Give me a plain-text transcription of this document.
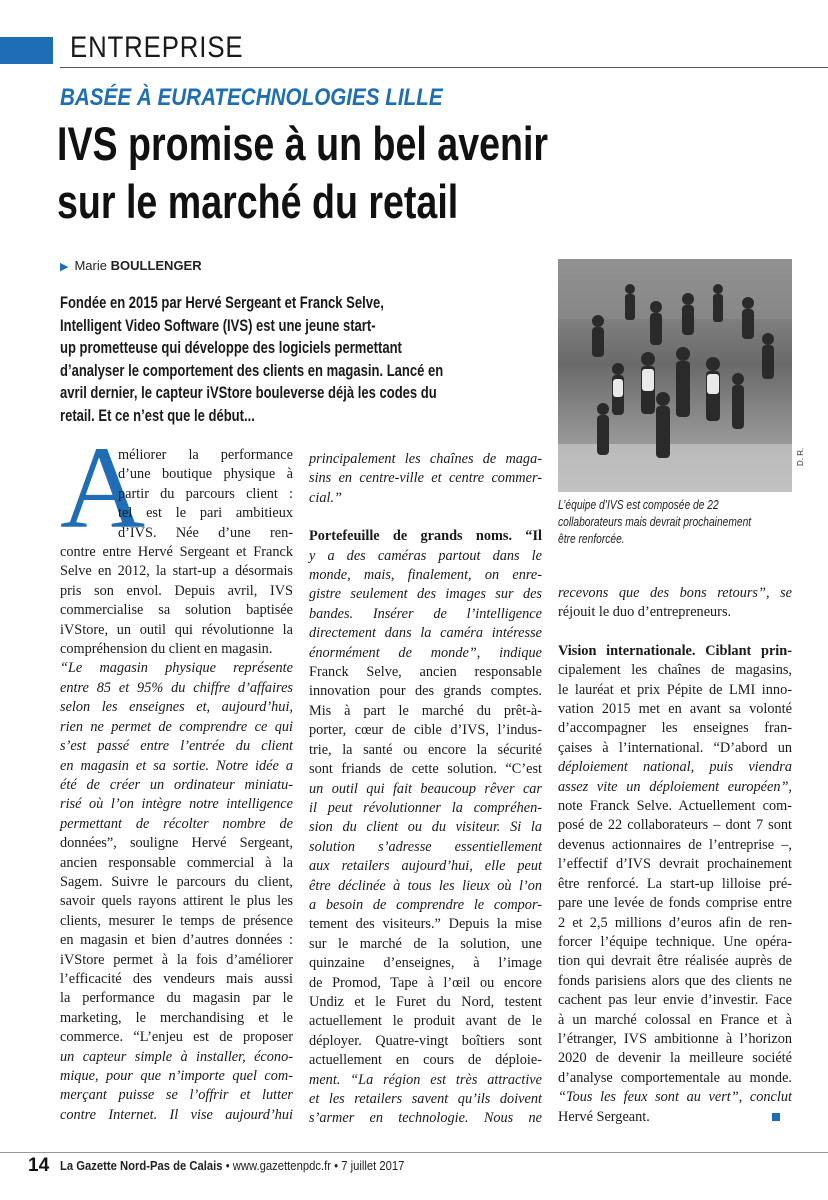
ENTREPRISE
BASÉE À EURATECHNOLOGIES LILLE
IVS promise à un bel avenir
sur le marché du retail
▶ Marie BOULLENGER
Fondée en 2015 par Hervé Sergeant et Franck Selve,
Intelligent Video Software (IVS) est une jeune start-
up prometteuse qui développe des logiciels permettant
d’analyser le comportement des clients en magasin. Lancé en
avril dernier, le capteur iVStore bouleverse déjà les codes du
retail. Et ce n’est que le début...
D. R.
L’équipe d’IVS est composée de 22
collaborateurs mais devrait prochainement
être renforcée.
A
méliorer la performance
d’une boutique physique à
partir du parcours client :
tel est le pari ambitieux
d’IVS. Née d’une ren-
contre entre Hervé Sergeant et Franck
Selve en 2012, la start-up a désormais
pris son envol. Depuis avril, IVS
commercialise sa solution baptisée
iVStore, un outil qui révolutionne la
compréhension du client en magasin.
“Le magasin physique représente
entre 85 et 95% du chiffre d’affaires
selon les enseignes et, aujourd’hui,
rien ne permet de comprendre ce qui
s’est passé entre l’entrée du client
en magasin et sa sortie. Notre idée a
été de créer un ordinateur miniatu-
risé où l’on intègre notre intelligence
permettant de récolter nombre de
données”, souligne Hervé Sergeant,
ancien responsable commercial à la
Sagem. Suivre le parcours du client,
savoir quels rayons attirent le plus les
clients, mesurer le temps de présence
en magasin et bien d’autres données :
iVStore permet à la fois d’améliorer
l’efficacité des vendeurs mais aussi
la performance du magasin par le
marketing, le merchandising et le
commerce. “L’enjeu est de proposer
un capteur simple à installer, écono-
mique, pour que n’importe quel com-
merçant puisse se l’offrir et lutter
contre Internet. Il vise aujourd’hui
principalement les chaînes de maga-
sins en centre-ville et centre commer-
cial.”
Portefeuille de grands noms. “Il
y a des caméras partout dans le
monde, mais, finalement, on enre-
gistre seulement des images sur des
bandes. Insérer de l’intelligence
directement dans la caméra intéresse
énormément de monde”, indique
Franck Selve, ancien responsable
innovation pour des grands comptes.
Mis à part le marché du prêt-à-
porter, cœur de cible d’IVS, l’indus-
trie, la santé ou encore la sécurité
sont friands de cette solution. “C’est
un outil qui fait beaucoup rêver car
il peut révolutionner la compréhen-
sion du client ou du visiteur. Si la
solution s’adresse essentiellement
aux retailers aujourd’hui, elle peut
être déclinée à tous les lieux où l’on
a besoin de comprendre le compor-
tement des visiteurs.” Depuis la mise
sur le marché de la solution, une
quinzaine d’enseignes, à l’image
de Promod, Tape à l’œil ou encore
Undiz et le Furet du Nord, testent
actuellement le produit avant de le
déployer. Quatre-vingt boîtiers sont
actuellement en cours de déploie-
ment. “La région est très attractive
et les retailers savent qu’ils doivent
s’armer en technologie. Nous ne
recevons que des bons retours”, se
réjouit le duo d’entrepreneurs.
Vision internationale. Ciblant prin-
cipalement les chaînes de magasins,
le lauréat et prix Pépite de LMI inno-
vation 2015 met en avant sa volonté
d’accompagner les enseignes fran-
çaises à l’international. “D’abord un
déploiement national, puis viendra
assez vite un déploiement européen”,
note Franck Selve. Actuellement com-
posé de 22 collaborateurs – dont 7 sont
devenus actionnaires de l’entreprise –,
l’effectif d’IVS devrait prochainement
être renforcé. La start-up lilloise pré-
pare une levée de fonds comprise entre
2 et 2,5 millions d’euros afin de ren-
forcer l’équipe technique. Une opéra-
tion qui devrait être réalisée auprès de
fonds parisiens alors que des clients ne
cachent pas leur envie d’investir. Face
à un marché colossal en France et à
l’étranger, IVS ambitionne à l’horizon
2020 de devenir la meilleure société
d’analyse comportementale au monde.
“Tous les feux sont au vert”, conclut
Hervé Sergeant.
14 La Gazette Nord-Pas de Calais • www.gazettenpdc.fr • 7 juillet 2017
